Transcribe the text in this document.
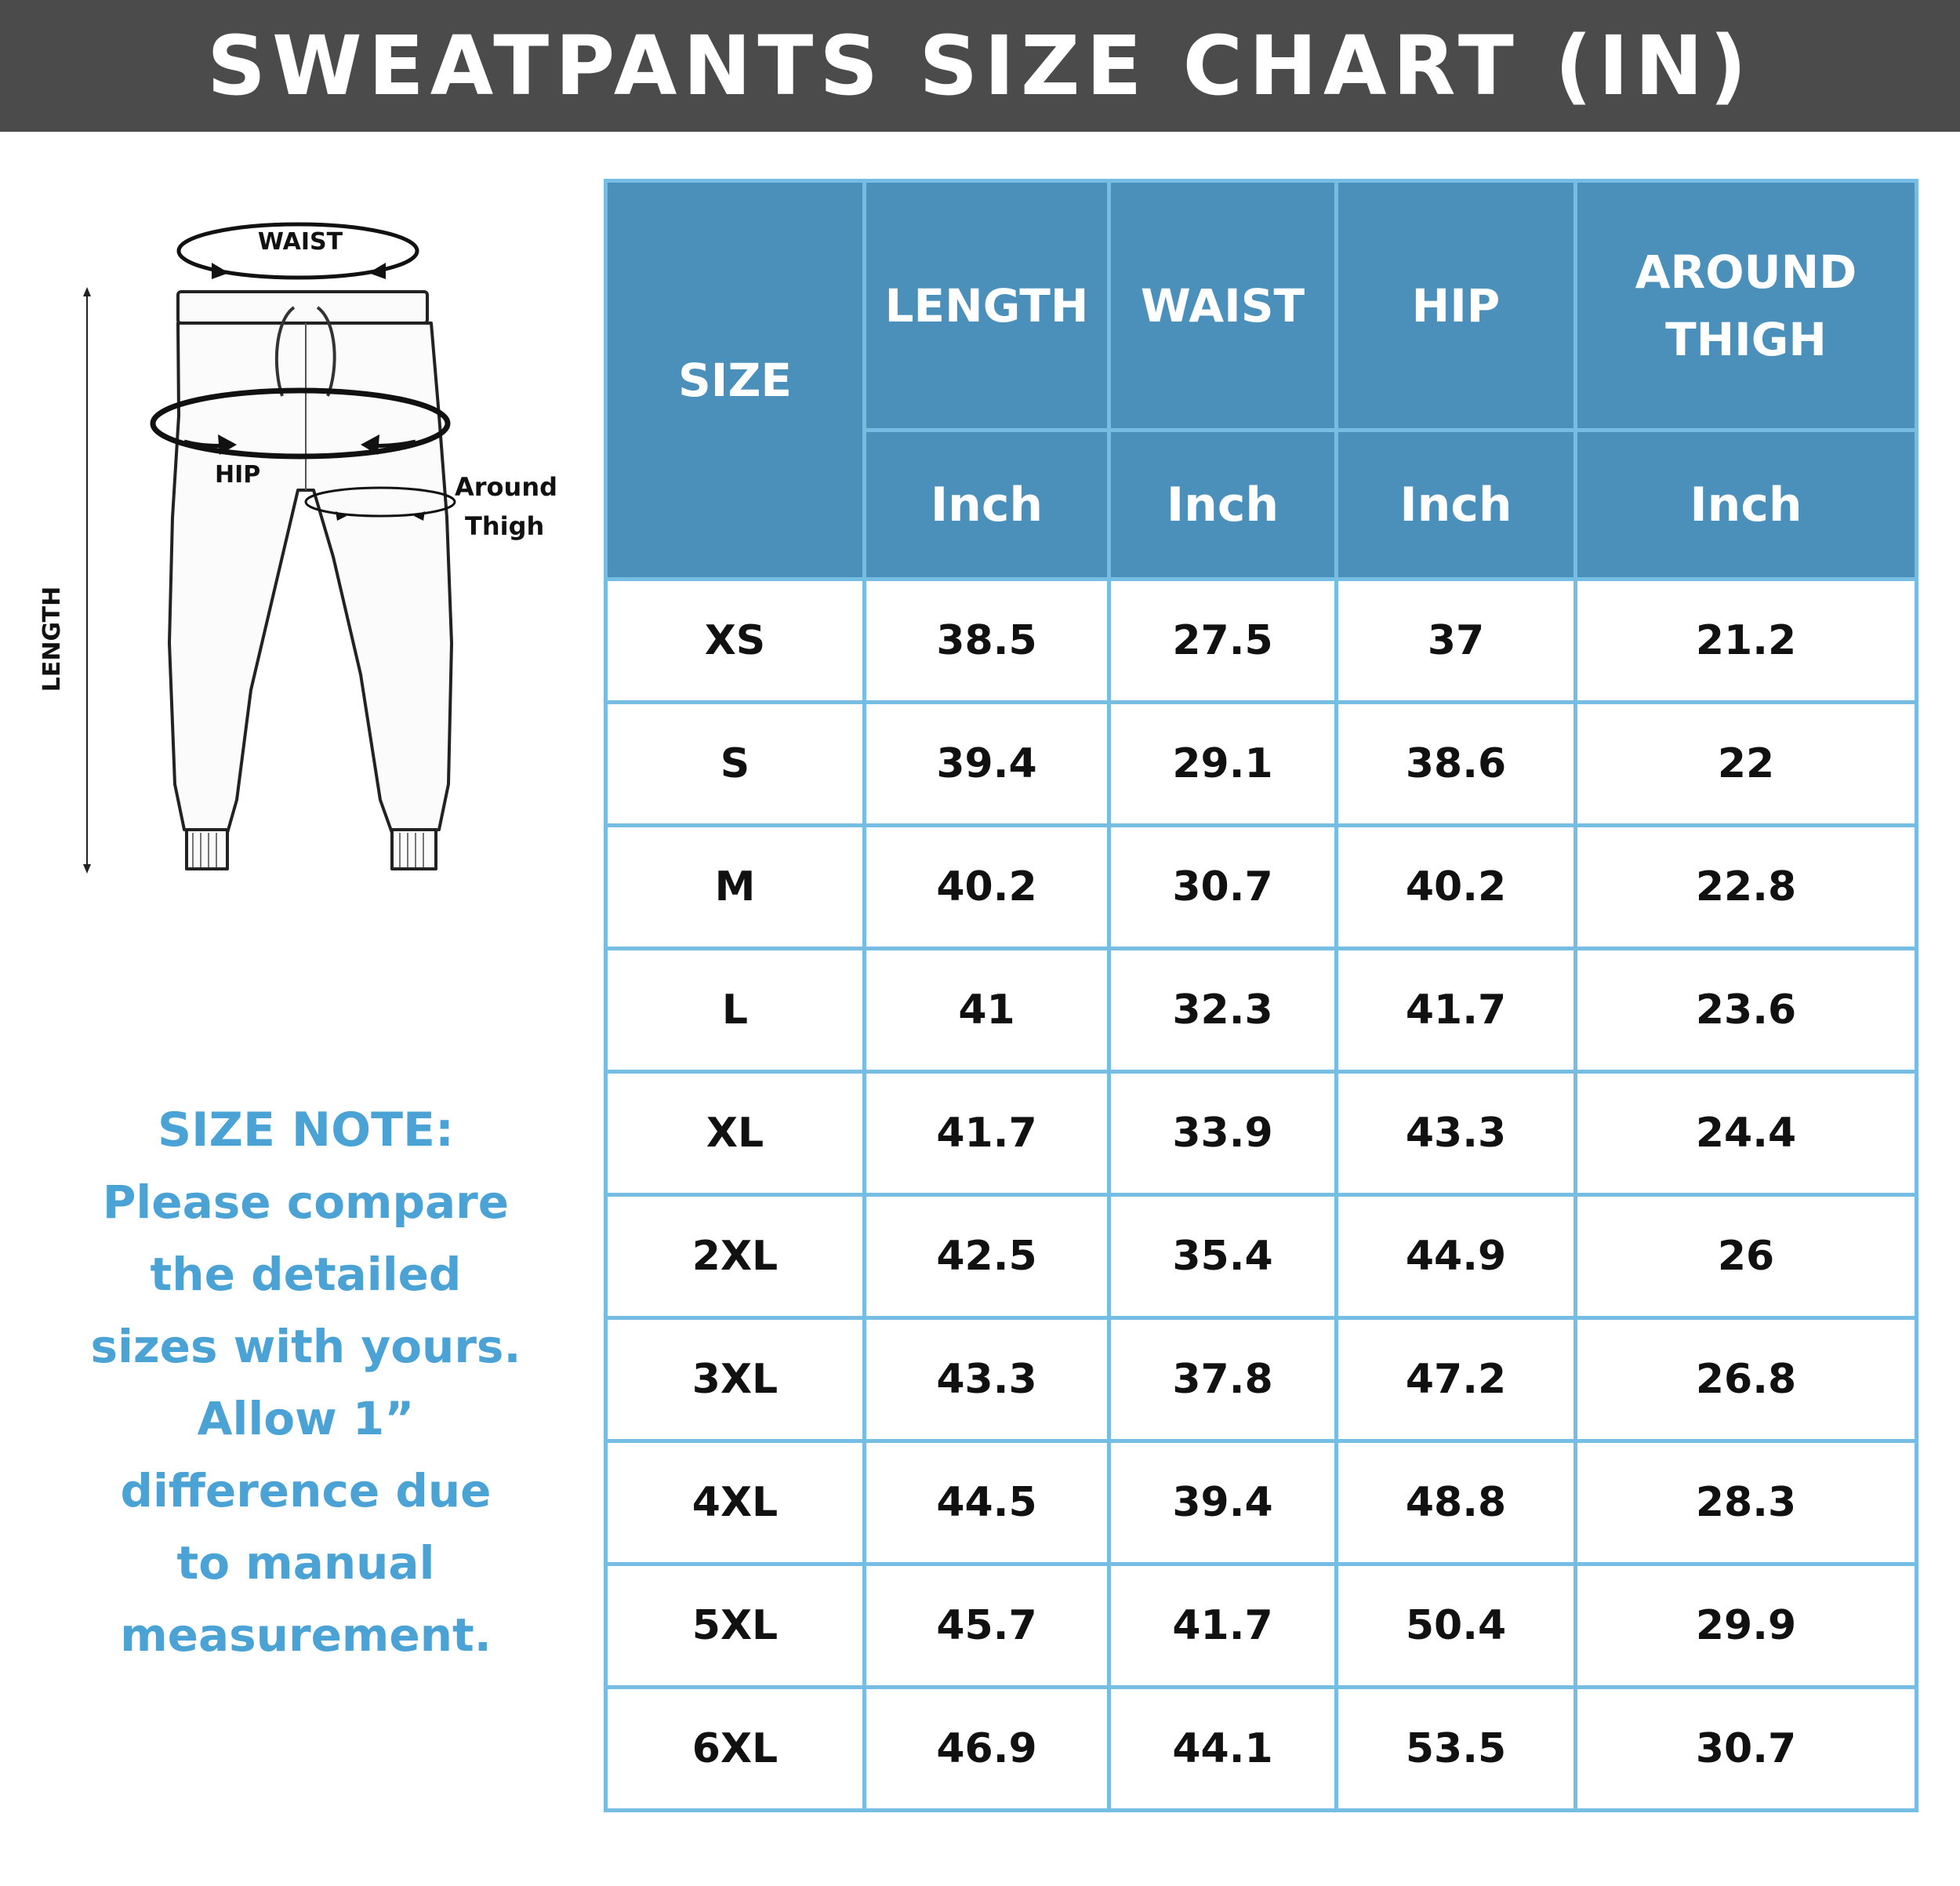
SWEATPANTS SIZE CHART (IN)
LENGTH
WAIST
HIP	Around
Thigh
SIZE NOTE:
Please compare
the detailed
sizes with yours.
Allow 1”
difference due
to manual
measurement.
SIZE	LENGTH	WAIST	HIP	AROUND THIGH
	Inch	Inch	Inch	Inch
XS	38.5	27.5	37	21.2
S	39.4	29.1	38.6	22
M	40.2	30.7	40.2	22.8
L	41	32.3	41.7	23.6
XL	41.7	33.9	43.3	24.4
2XL	42.5	35.4	44.9	26
3XL	43.3	37.8	47.2	26.8
4XL	44.5	39.4	48.8	28.3
5XL	45.7	41.7	50.4	29.9
6XL	46.9	44.1	53.5	30.7
